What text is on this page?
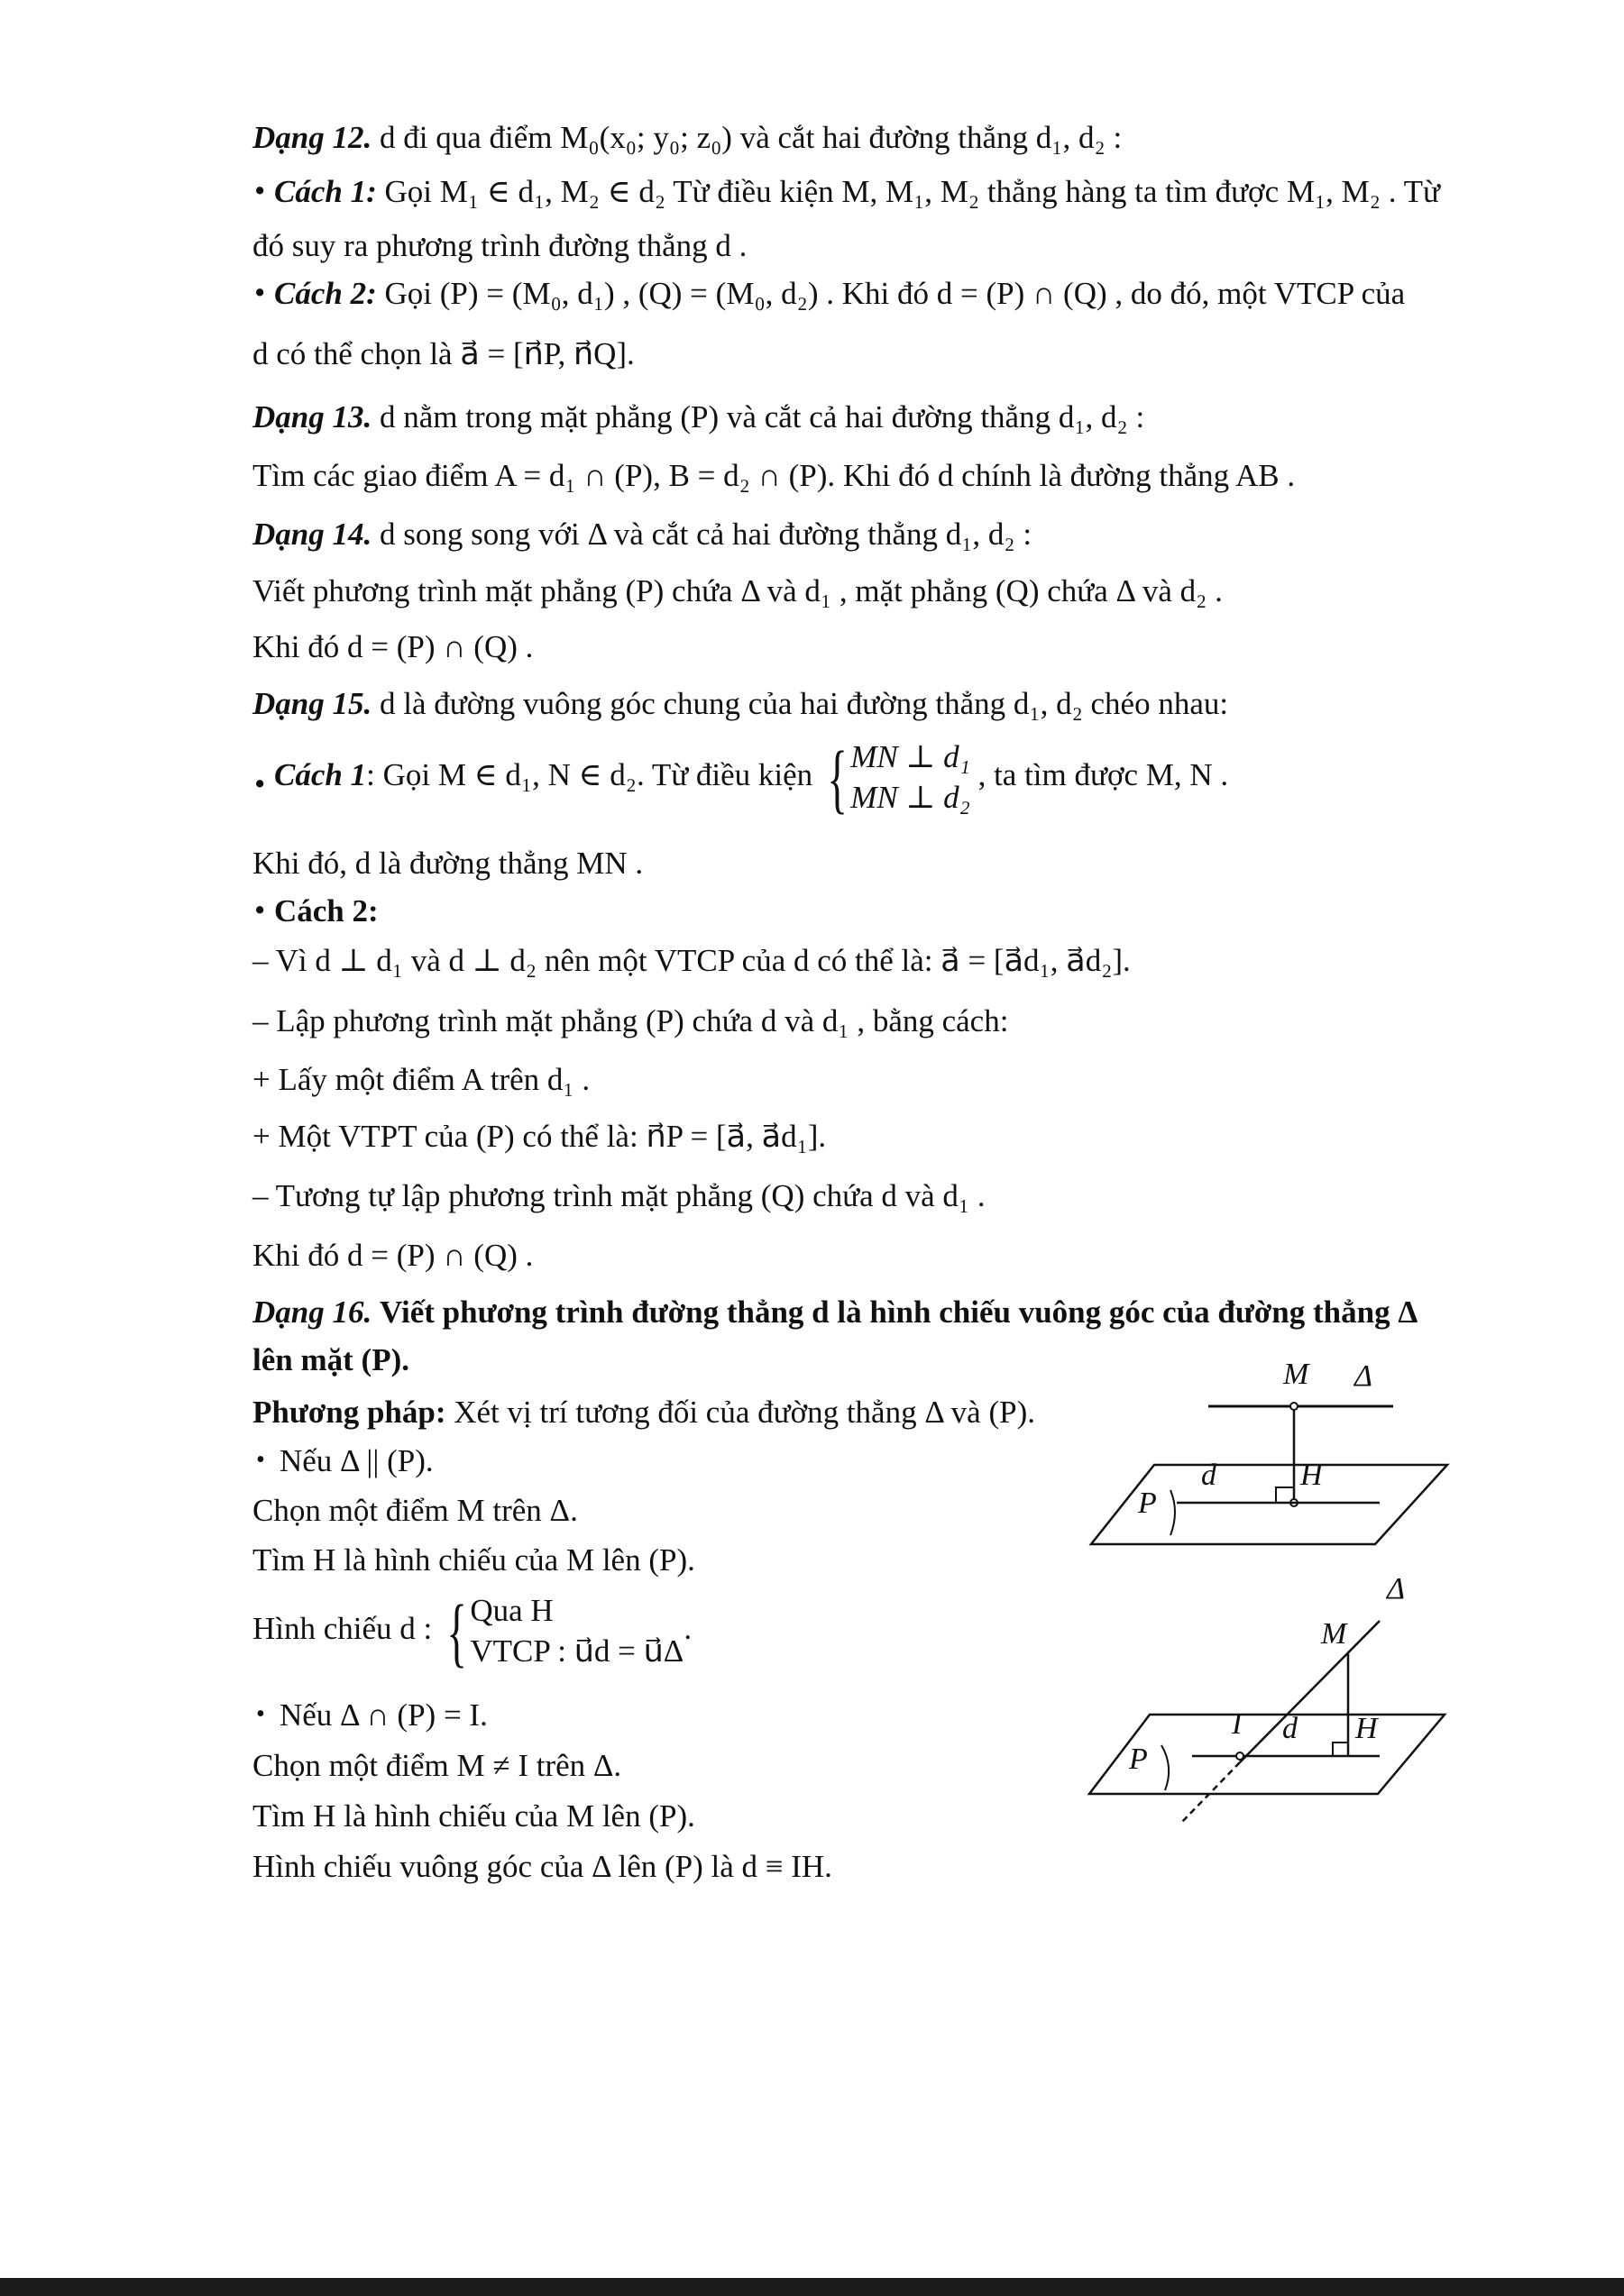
Dạng 12. d đi qua điểm M₀(x₀; y₀; z₀) và cắt hai đường thẳng d₁, d₂ :
• Cách 1: Gọi M₁ ∈ d₁, M₂ ∈ d₂ Từ điều kiện M, M₁, M₂ thẳng hàng ta tìm được M₁, M₂ . Từ
đó suy ra phương trình đường thẳng d .
• Cách 2: Gọi (P) = (M₀, d₁) , (Q) = (M₀, d₂) . Khi đó d = (P) ∩ (Q) , do đó, một VTCP của
d có thể chọn là a⃗ = [n⃗P, n⃗Q].
Dạng 13. d nằm trong mặt phẳng (P) và cắt cả hai đường thẳng d₁, d₂ :
Tìm các giao điểm A = d₁ ∩ (P), B = d₂ ∩ (P). Khi đó d chính là đường thẳng AB .
Dạng 14. d song song với Δ và cắt cả hai đường thẳng d₁, d₂ :
Viết phương trình mặt phẳng (P) chứa Δ và d₁ , mặt phẳng (Q) chứa Δ và d₂ .
Khi đó d = (P) ∩ (Q) .
Dạng 15. d là đường vuông góc chung của hai đường thẳng d₁, d₂ chéo nhau:
• Cách 1: Gọi M ∈ d₁, N ∈ d₂. Từ điều kiện { MN ⊥ d₁
MN ⊥ d₂
, ta tìm được M, N .
Khi đó, d là đường thẳng MN .
• Cách 2:
– Vì d ⊥ d₁ và d ⊥ d₂ nên một VTCP của d có thể là: a⃗ = [a⃗d₁, a⃗d₂].
– Lập phương trình mặt phẳng (P) chứa d và d₁ , bằng cách:
+ Lấy một điểm A trên d₁ .
+ Một VTPT của (P) có thể là: n⃗P = [a⃗, a⃗d₁].
– Tương tự lập phương trình mặt phẳng (Q) chứa d và d₁ .
Khi đó d = (P) ∩ (Q) .
Dạng 16. Viết phương trình đường thẳng d là hình chiếu vuông góc của đường thẳng Δ
lên mặt (P).
Phương pháp: Xét vị trí tương đối của đường thẳng Δ và (P).
• Nếu Δ || (P).
Chọn một điểm M trên Δ.
Tìm H là hình chiếu của M lên (P).
Hình chiếu d : { Qua H
VTCP : u⃗d = u⃗Δ
.
• Nếu Δ ∩ (P) = I.
Chọn một điểm M ≠ I trên Δ.
Tìm H là hình chiếu của M lên (P).
Hình chiếu vuông góc của Δ lên (P) là d ≡ IH.
M Δ
d	H
P
Δ
M
I d H
P
